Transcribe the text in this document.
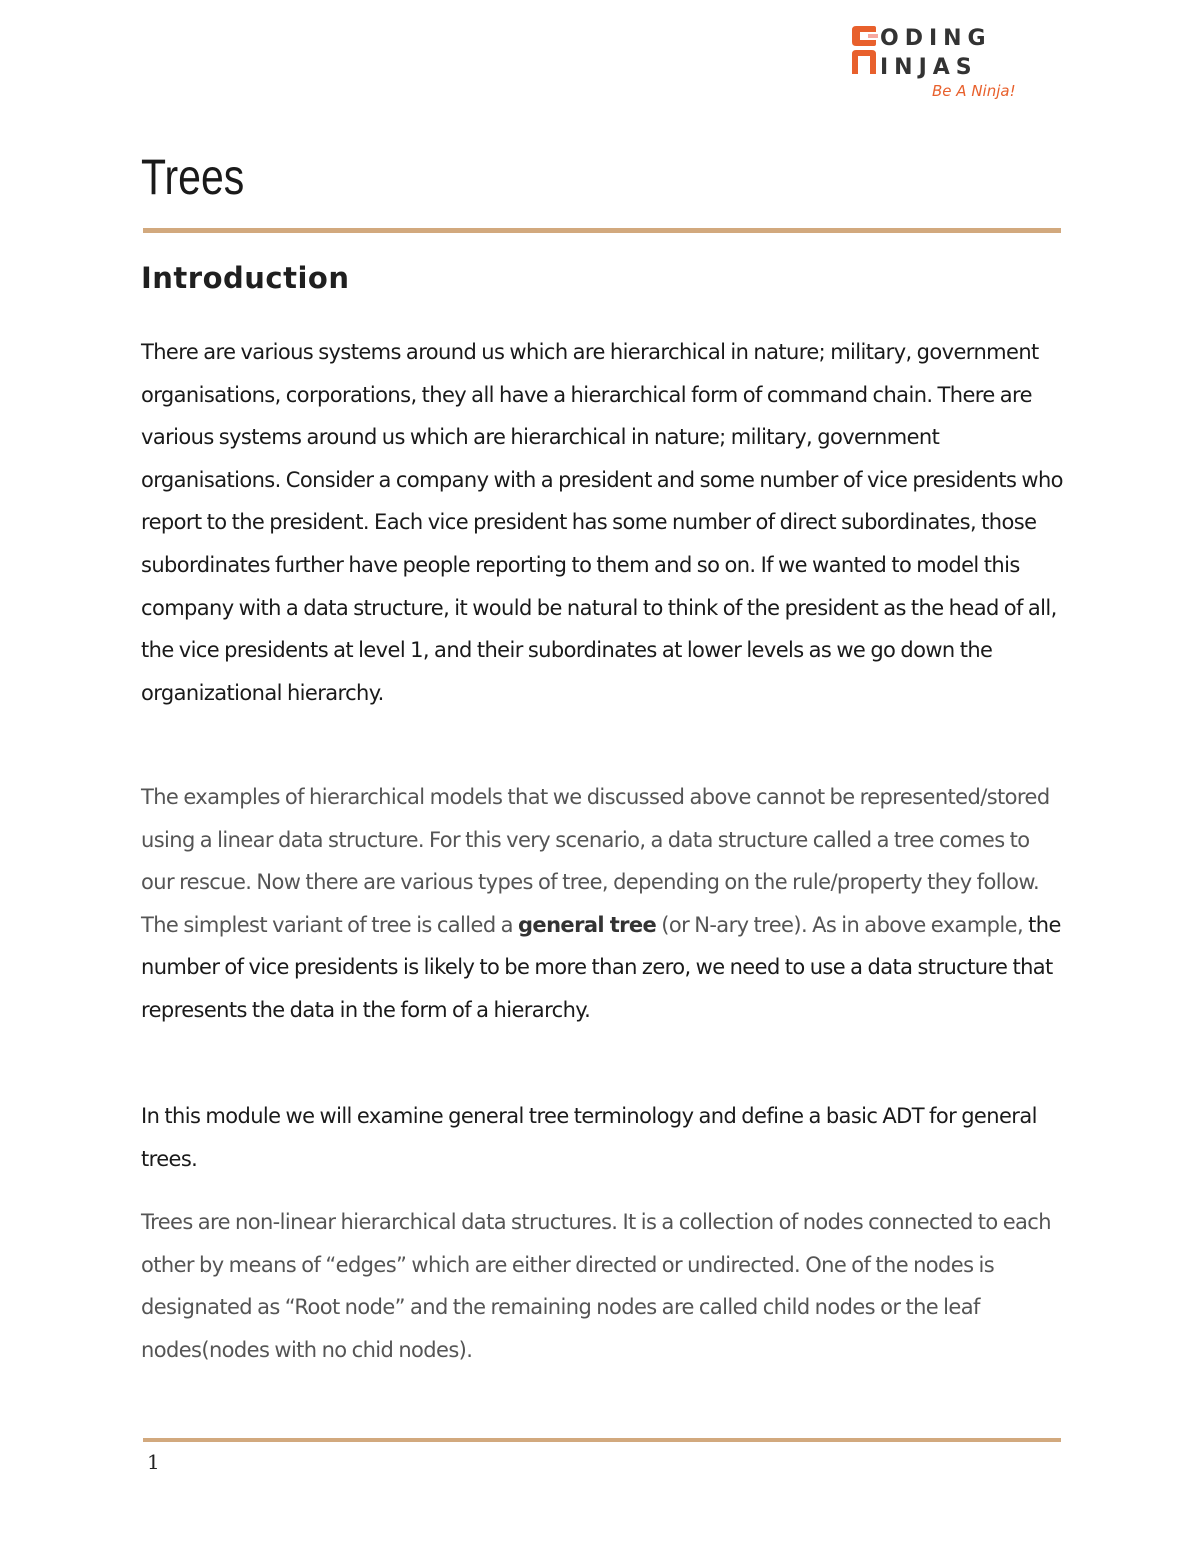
ODING
INJAS
Be A Ninja!
Trees
Introduction

There are various systems around us which are hierarchical in nature; military, government organisations, corporations, they all have a hierarchical form of command chain. There are various systems around us which are hierarchical in nature; military, government organisations. Consider a company with a president and some number of vice presidents who report to the president. Each vice president has some number of direct subordinates, those subordinates further have people reporting to them and so on. If we wanted to model this company with a data structure, it would be natural to think of the president as the head of all, the vice presidents at level 1, and their subordinates at lower levels as we go down the organizational hierarchy.

The examples of hierarchical models that we discussed above cannot be represented/stored using a linear data structure. For this very scenario, a data structure called a tree comes to our rescue. Now there are various types of tree, depending on the rule/property they follow. The simplest variant of tree is called a general tree (or N-ary tree). As in above example, the number of vice presidents is likely to be more than zero, we need to use a data structure that represents the data in the form of a hierarchy.

In this module we will examine general tree terminology and define a basic ADT for general trees.

Trees are non-linear hierarchical data structures. It is a collection of nodes connected to each other by means of “edges” which are either directed or undirected. One of the nodes is designated as “Root node” and the remaining nodes are called child nodes or the leaf nodes(nodes with no chid nodes).

1
